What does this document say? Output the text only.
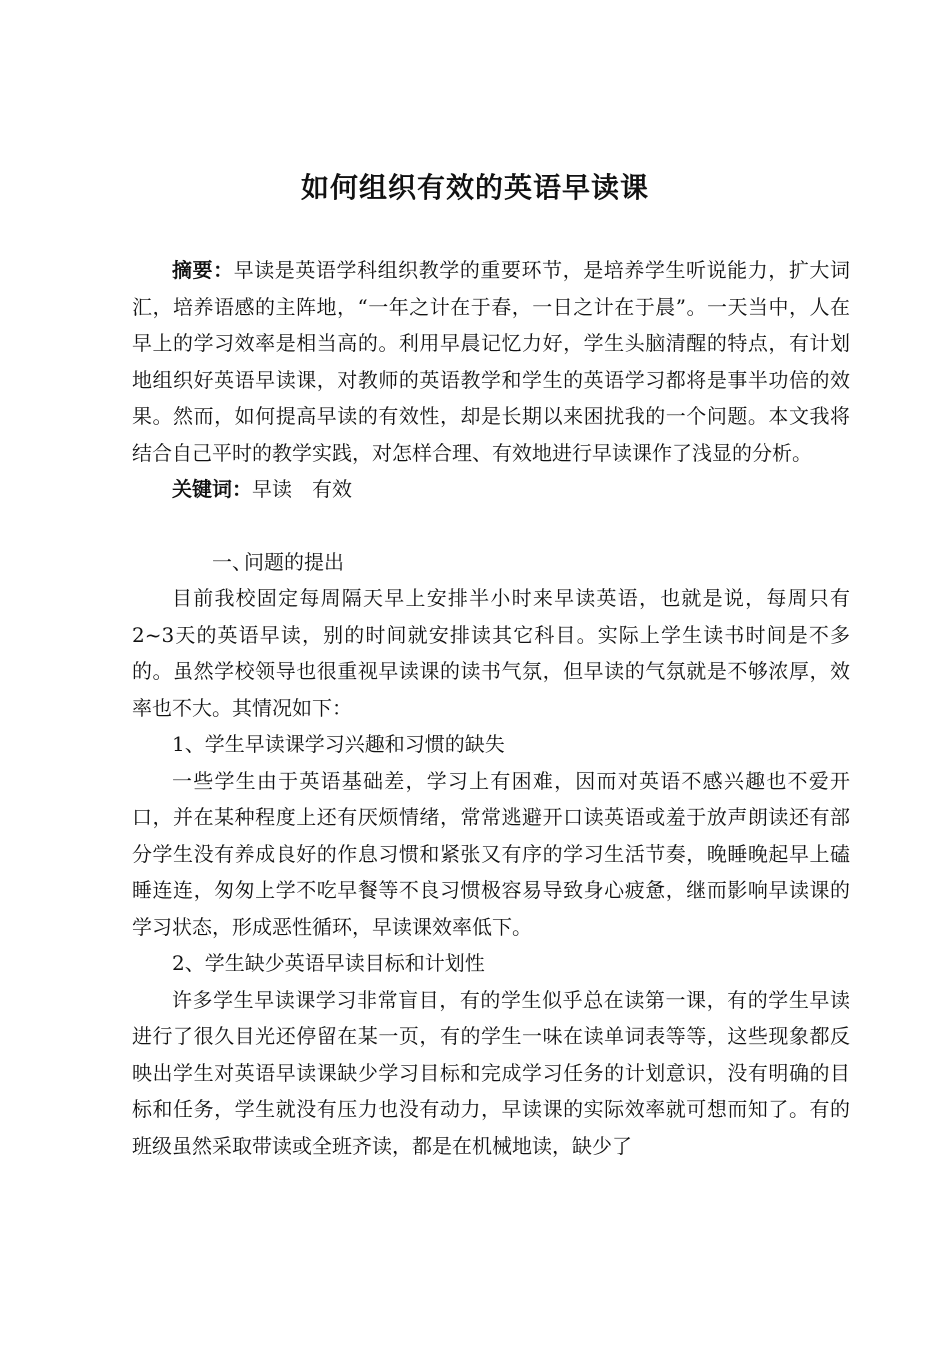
如何组织有效的英语早读课

摘要：早读是英语学科组织教学的重要环节，是培养学生听说能力，扩大词汇，培养语感的主阵地，“一年之计在于春，一日之计在于晨”。一天当中，人在早上的学习效率是相当高的。利用早晨记忆力好，学生头脑清醒的特点，有计划地组织好英语早读课，对教师的英语教学和学生的英语学习都将是事半功倍的效果。然而，如何提高早读的有效性，却是长期以来困扰我的一个问题。本文我将结合自己平时的教学实践，对怎样合理、有效地进行早读课作了浅显的分析。

关键词：早读　有效

一、问题的提出

目前我校固定每周隔天早上安排半小时来早读英语，也就是说，每周只有2~3天的英语早读，别的时间就安排读其它科目。实际上学生读书时间是不多的。虽然学校领导也很重视早读课的读书气氛，但早读的气氛就是不够浓厚，效率也不大。其情况如下：

1、学生早读课学习兴趣和习惯的缺失

一些学生由于英语基础差，学习上有困难，因而对英语不感兴趣也不爱开口，并在某种程度上还有厌烦情绪，常常逃避开口读英语或羞于放声朗读还有部分学生没有养成良好的作息习惯和紧张又有序的学习生活节奏，晚睡晚起早上磕睡连连，匆匆上学不吃早餐等不良习惯极容易导致身心疲惫，继而影响早读课的学习状态，形成恶性循环，早读课效率低下。

2、学生缺少英语早读目标和计划性

许多学生早读课学习非常盲目，有的学生似乎总在读第一课，有的学生早读进行了很久目光还停留在某一页，有的学生一味在读单词表等等，这些现象都反映出学生对英语早读课缺少学习目标和完成学习任务的计划意识，没有明确的目标和任务，学生就没有压力也没有动力，早读课的实际效率就可想而知了。有的班级虽然采取带读或全班齐读，都是在机械地读，缺少了
